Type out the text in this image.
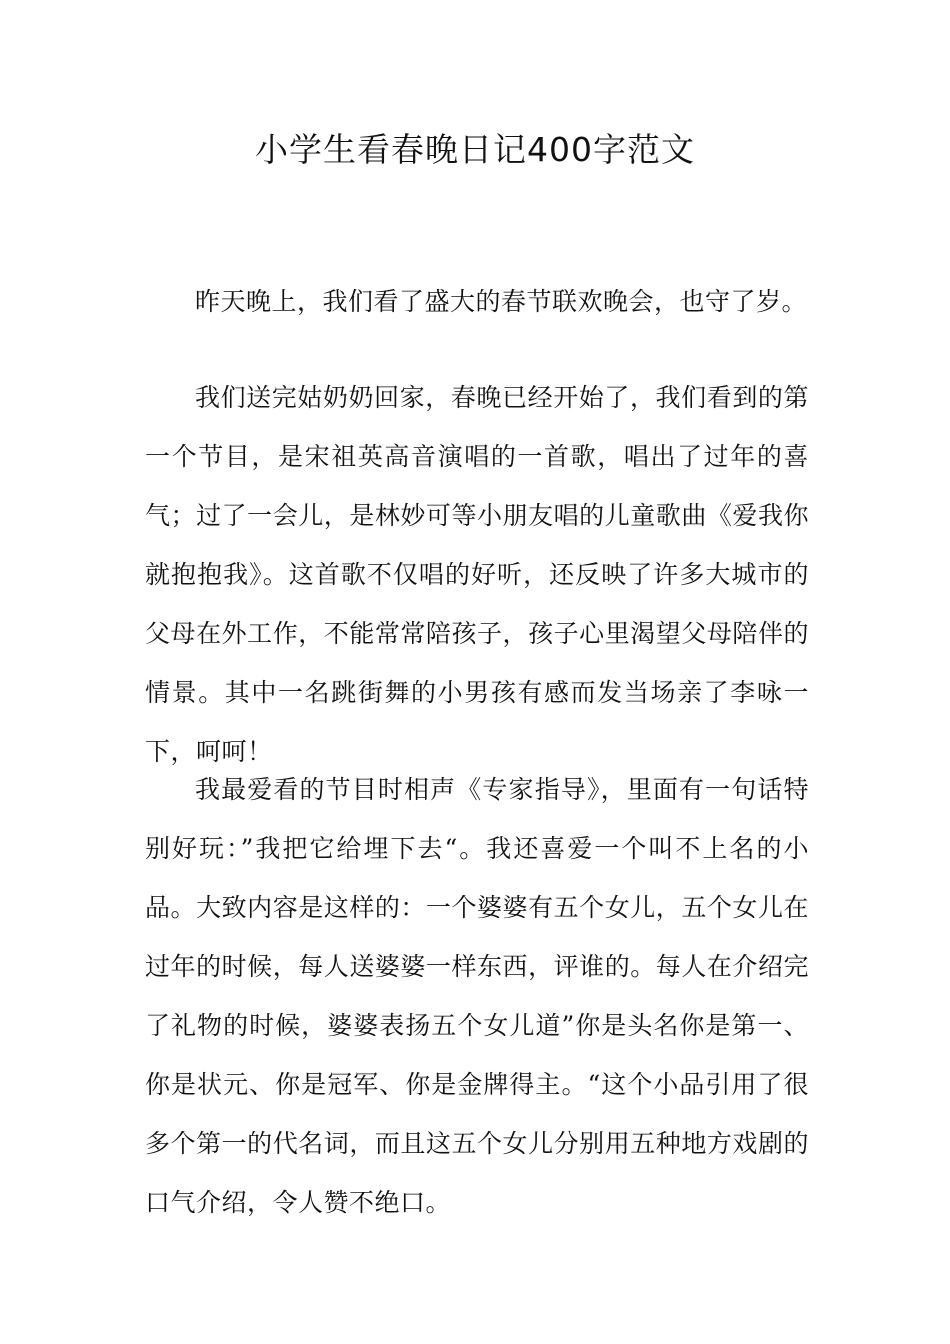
小学生看春晚日记400字范文

昨天晚上，我们看了盛大的春节联欢晚会，也守了岁。

我们送完姑奶奶回家，春晚已经开始了，我们看到的第一个节目，是宋祖英高音演唱的一首歌，唱出了过年的喜气；过了一会儿，是林妙可等小朋友唱的儿童歌曲《爱我你就抱抱我》。这首歌不仅唱的好听，还反映了许多大城市的父母在外工作，不能常常陪孩子，孩子心里渴望父母陪伴的情景。其中一名跳街舞的小男孩有感而发当场亲了李咏一下，呵呵！

我最爱看的节目时相声《专家指导》，里面有一句话特别好玩：”我把它给埋下去“。我还喜爱一个叫不上名的小品。大致内容是这样的：一个婆婆有五个女儿，五个女儿在过年的时候，每人送婆婆一样东西，评谁的。每人在介绍完了礼物的时候，婆婆表扬五个女儿道”你是头名你是第一、你是状元、你是冠军、你是金牌得主。“这个小品引用了很多个第一的代名词，而且这五个女儿分别用五种地方戏剧的口气介绍，令人赞不绝口。
